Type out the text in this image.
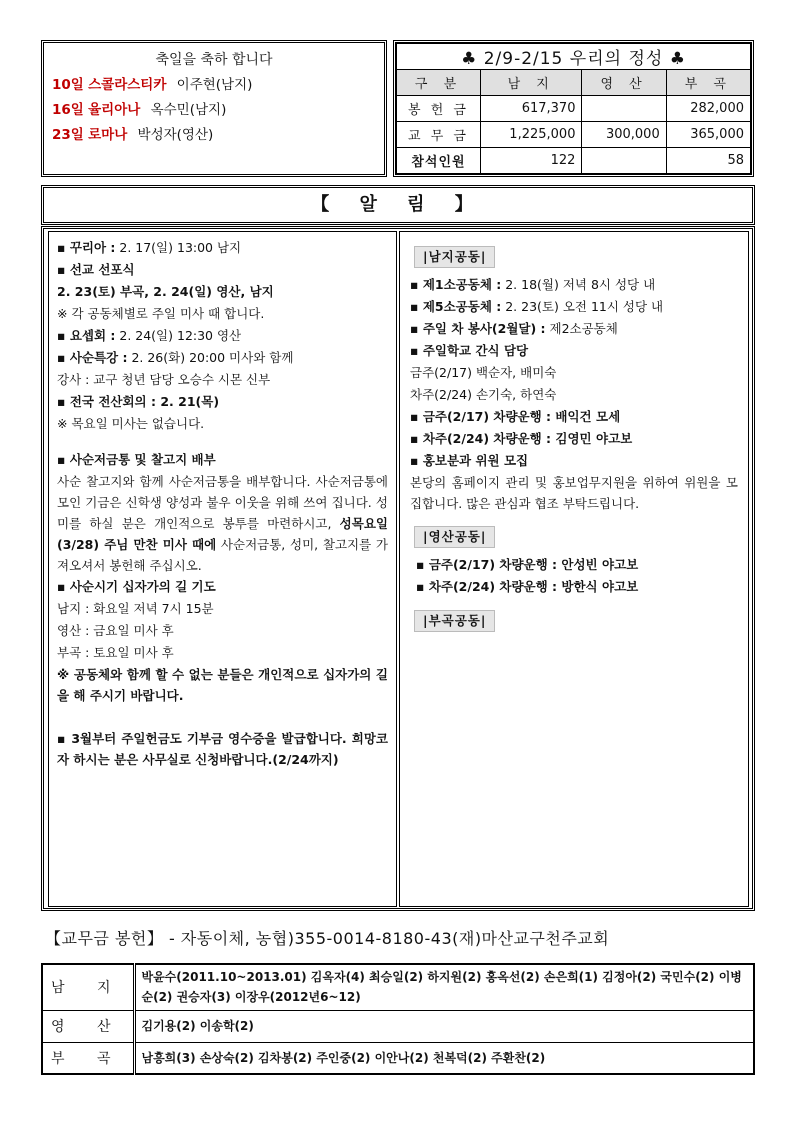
축일을 축하 합니다
10일 스콜라스티카 이주현(남지)
16일 율리아나 옥수민(남지)
23일 로마나 박성자(영산)
♣ 2/9-2/15 우리의 정성 ♣			
구 분	남 지	영 산	부 곡
봉 헌 금	617,370		282,000
교 무 금	1,225,000	300,000	365,000
참석인원	122		58
【 알 림 】
▪ 꾸리아 : 2. 17(일) 13:00 남지
▪ 선교 선포식
2. 23(토) 부곡, 2. 24(일) 영산, 남지
※ 각 공동체별로 주일 미사 때 합니다.
▪ 요셉회 : 2. 24(일) 12:30 영산
▪ 사순특강 : 2. 26(화) 20:00 미사와 함께
강사 : 교구 청년 담당 오승수 시몬 신부
▪ 전국 전산회의 : 2. 21(목)
※ 목요일 미사는 없습니다.
▪ 사순저금통 및 찰고지 배부
사순 찰고지와 함께 사순저금통을 배부합니다. 사순저금통에 모인 기금은 신학생 양성과 불우 이웃을 위해 쓰여 집니다. 성미를 하실 분은 개인적으로 봉투를 마련하시고, 성목요일(3/28) 주님 만찬 미사 때에 사순저금통, 성미, 찰고지를 가져오셔서 봉헌해 주십시오.
▪ 사순시기 십자가의 길 기도
남지 : 화요일 저녁 7시 15분
영산 : 금요일 미사 후
부곡 : 토요일 미사 후
※ 공동체와 함께 할 수 없는 분들은 개인적으로 십자가의 길을 해 주시기 바랍니다.
▪ 3월부터 주일헌금도 기부금 영수증을 발급합니다. 희망코자 하시는 분은 사무실로 신청바랍니다.(2/24까지)
|남지공동|
▪ 제1소공동체 : 2. 18(월) 저녁 8시 성당 내
▪ 제5소공동체 : 2. 23(토) 오전 11시 성당 내
▪ 주일 차 봉사(2월달) : 제2소공동체
▪ 주일학교 간식 담당
금주(2/17) 백순자, 배미숙
차주(2/24) 손기숙, 하연숙
▪ 금주(2/17) 차량운행 : 배익건 모세
▪ 차주(2/24) 차량운행 : 김영민 야고보
▪ 홍보분과 위원 모집
본당의 홈페이지 관리 및 홍보업무지원을 위하여 위원을 모집합니다. 많은 관심과 협조 부탁드립니다.
|영산공동|
▪ 금주(2/17) 차량운행 : 안성빈 야고보
▪ 차주(2/24) 차량운행 : 방한식 야고보
|부곡공동|
【교무금 봉헌】 - 자동이체, 농협)355-0014-8180-43(재)마산교구천주교회
남 지	박윤수(2011.10~2013.01) 김옥자(4) 최승일(2) 하지원(2) 홍옥선(2) 손은희(1) 김정아(2) 국민수(2) 이병순(2) 권승자(3) 이장우(2012년6~12)
영 산	김기용(2) 이송학(2)
부 곡	남흥희(3) 손상숙(2) 김차봉(2) 주인중(2) 이안나(2) 천복덕(2) 주환찬(2)
